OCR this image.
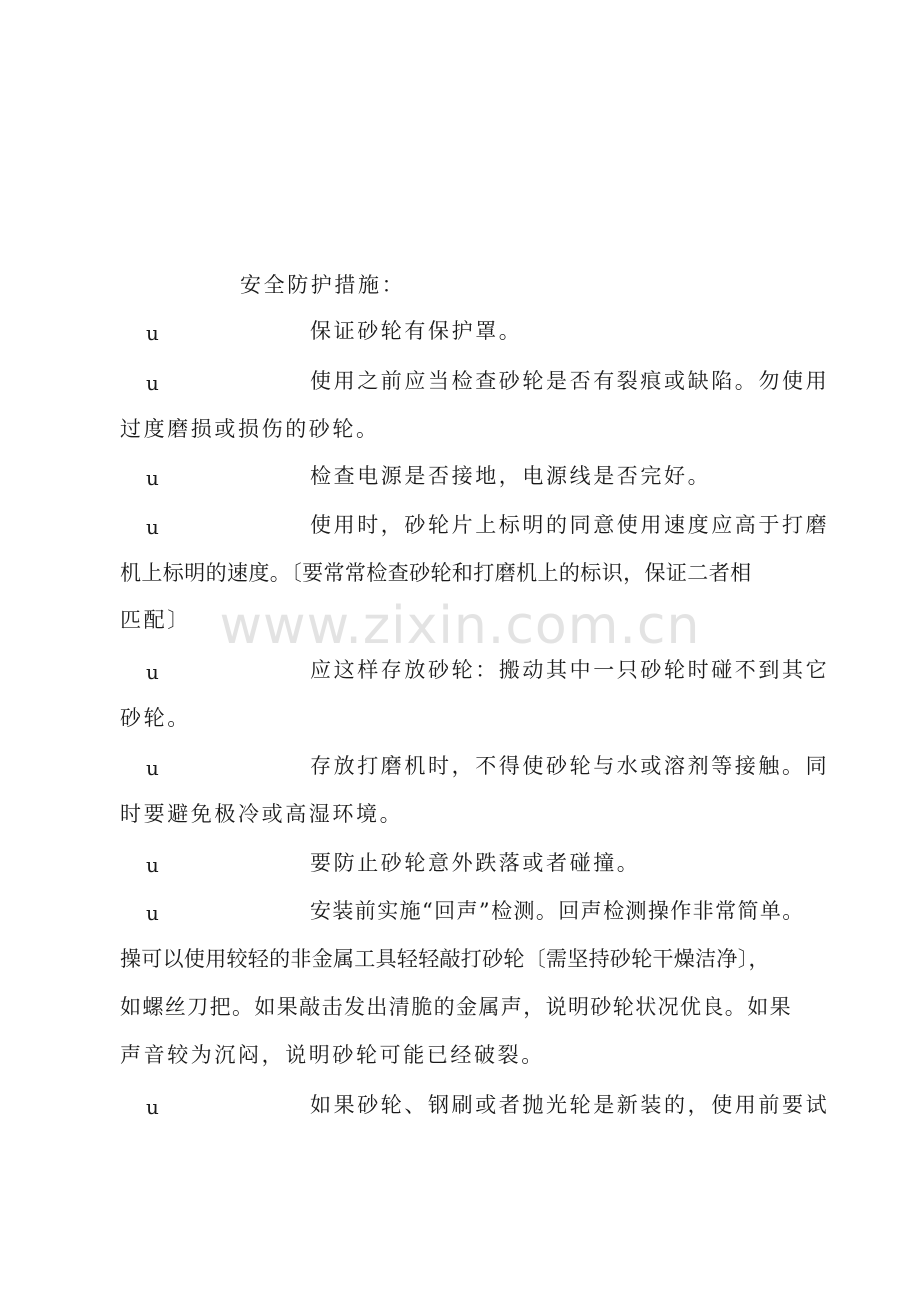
www.zixin.com.cn
安全防护措施：
u	保证砂轮有保护罩。
u	使用之前应当检查砂轮是否有裂痕或缺陷。勿使用
过度磨损或损伤的砂轮。
u	检查电源是否接地，电源线是否完好。
u	使用时，砂轮片上标明的同意使用速度应高于打磨
机上标明的速度。〔要常常检查砂轮和打磨机上的标识，保证二者相
匹配〕
u	应这样存放砂轮：搬动其中一只砂轮时碰不到其它
砂轮。
u	存放打磨机时，不得使砂轮与水或溶剂等接触。同
时要避免极冷或高湿环境。
u	要防止砂轮意外跌落或者碰撞。
u	安装前实施“回声”检测。回声检测操作非常简单。
操可以使用较轻的非金属工具轻轻敲打砂轮〔需坚持砂轮干燥洁净〕，
如螺丝刀把。如果敲击发出清脆的金属声，说明砂轮状况优良。如果
声音较为沉闷，说明砂轮可能已经破裂。
u	如果砂轮、钢刷或者抛光轮是新装的，使用前要试
